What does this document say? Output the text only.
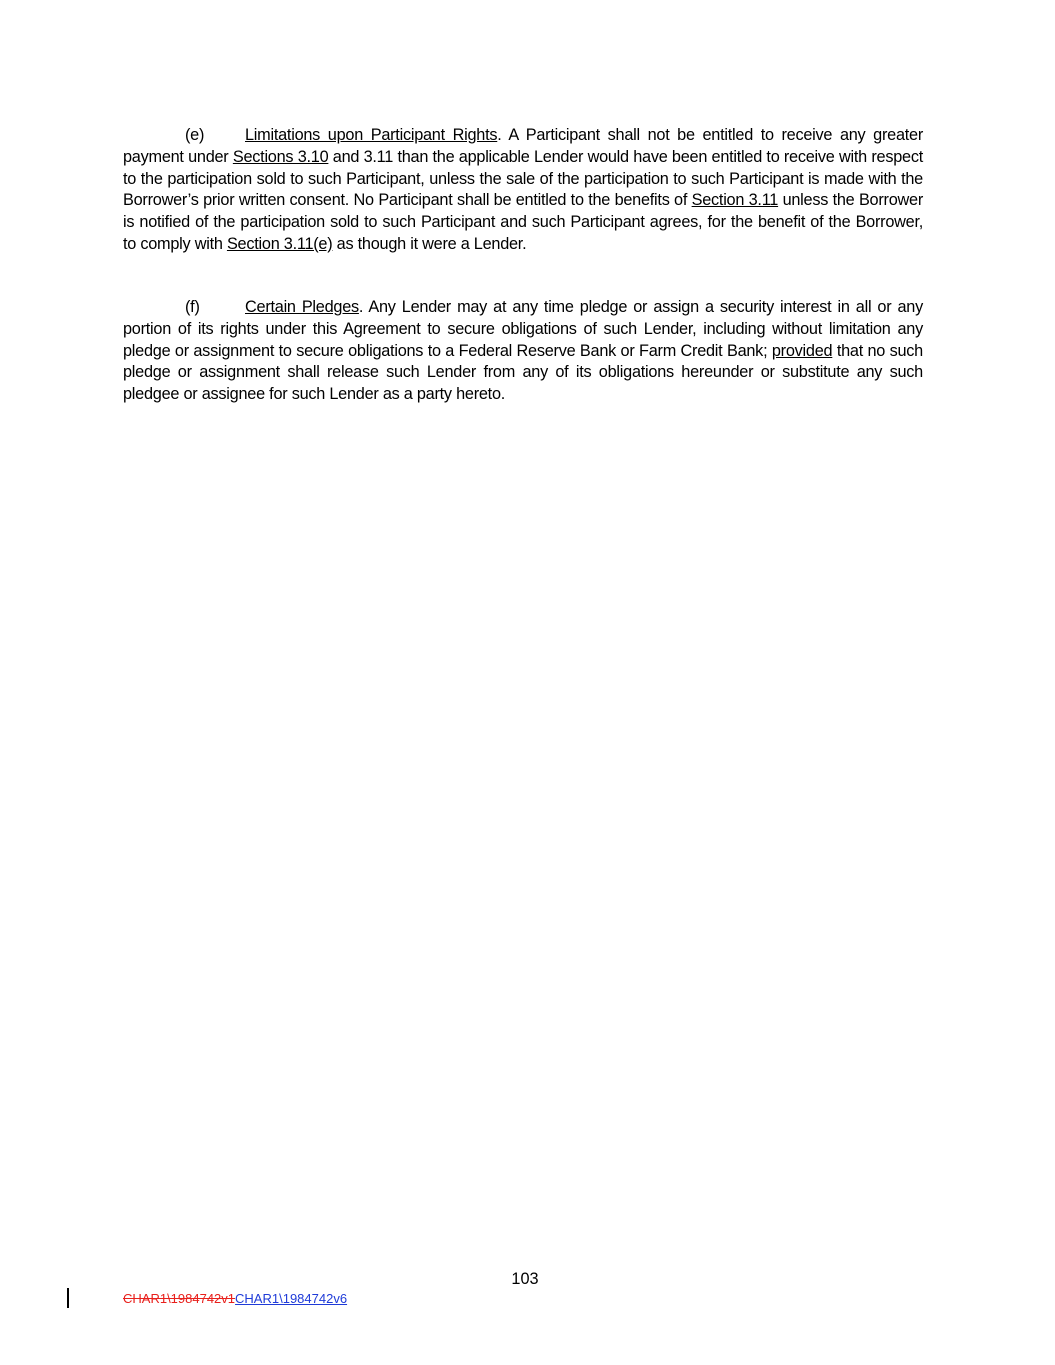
(e)	Limitations upon Participant Rights. A Participant shall not be entitled to receive any greater payment under Sections 3.10 and 3.11 than the applicable Lender would have been entitled to receive with respect to the participation sold to such Participant, unless the sale of the participation to such Participant is made with the Borrower’s prior written consent. No Participant shall be entitled to the benefits of Section 3.11 unless the Borrower is notified of the participation sold to such Participant and such Participant agrees, for the benefit of the Borrower, to comply with Section 3.11(e) as though it were a Lender.
(f)	Certain Pledges. Any Lender may at any time pledge or assign a security interest in all or any portion of its rights under this Agreement to secure obligations of such Lender, including without limitation any pledge or assignment to secure obligations to a Federal Reserve Bank or Farm Credit Bank; provided that no such pledge or assignment shall release such Lender from any of its obligations hereunder or substitute any such pledgee or assignee for such Lender as a party hereto.
103
CHAR1\1984742v1CHAR1\1984742v6
